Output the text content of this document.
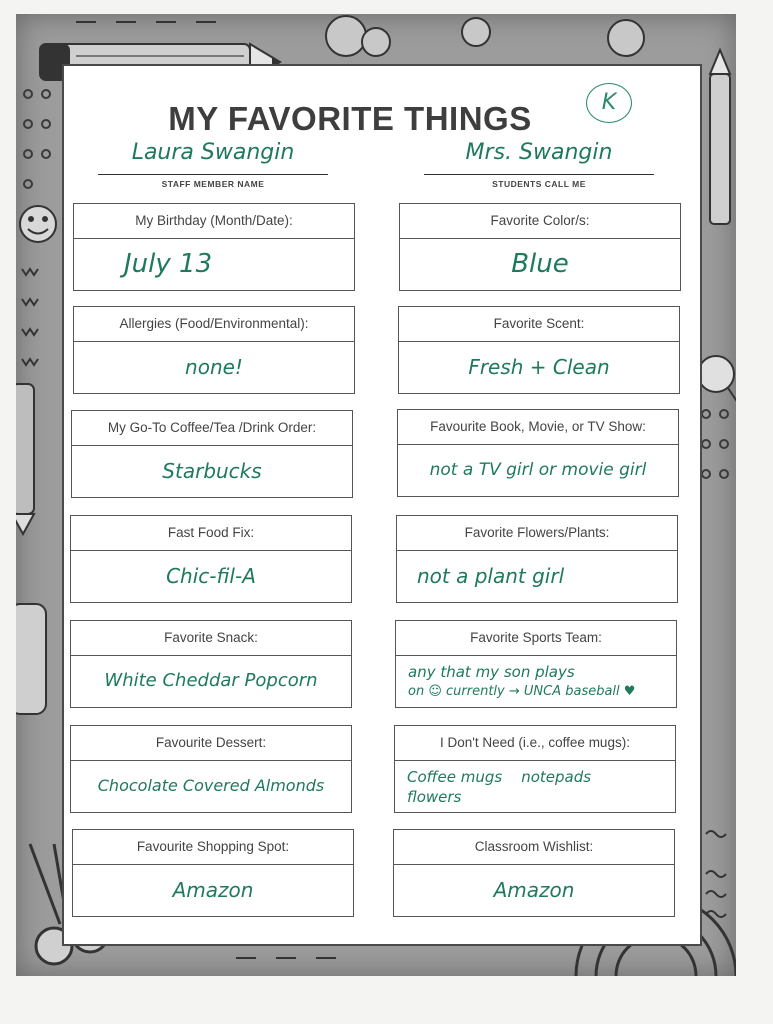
MY FAVORITE THINGS	K
Laura Swangin
STAFF MEMBER NAME
Mrs. Swangin
STUDENTS CALL ME
My Birthday (Month/Date):
July 13
Allergies (Food/Environmental):
none!
My Go-To Coffee/Tea /Drink Order:
Starbucks
Fast Food Fix:
Chic-fil-A
Favorite Snack:
White Cheddar Popcorn
Favourite Dessert:
Chocolate Covered Almonds
Favourite Shopping Spot:
Amazon
Favorite Color/s:
Blue
Favorite Scent:
Fresh + Clean
Favourite Book, Movie, or TV Show:
not a TV girl or movie girl
Favorite Flowers/Plants:
not a plant girl
Favorite Sports Team:
any that my son plays
on ☺ currently → UNCA baseball ♥
I Don't Need (i.e., coffee mugs):
Coffee mugs    notepads
flowers
Classroom Wishlist:
Amazon
